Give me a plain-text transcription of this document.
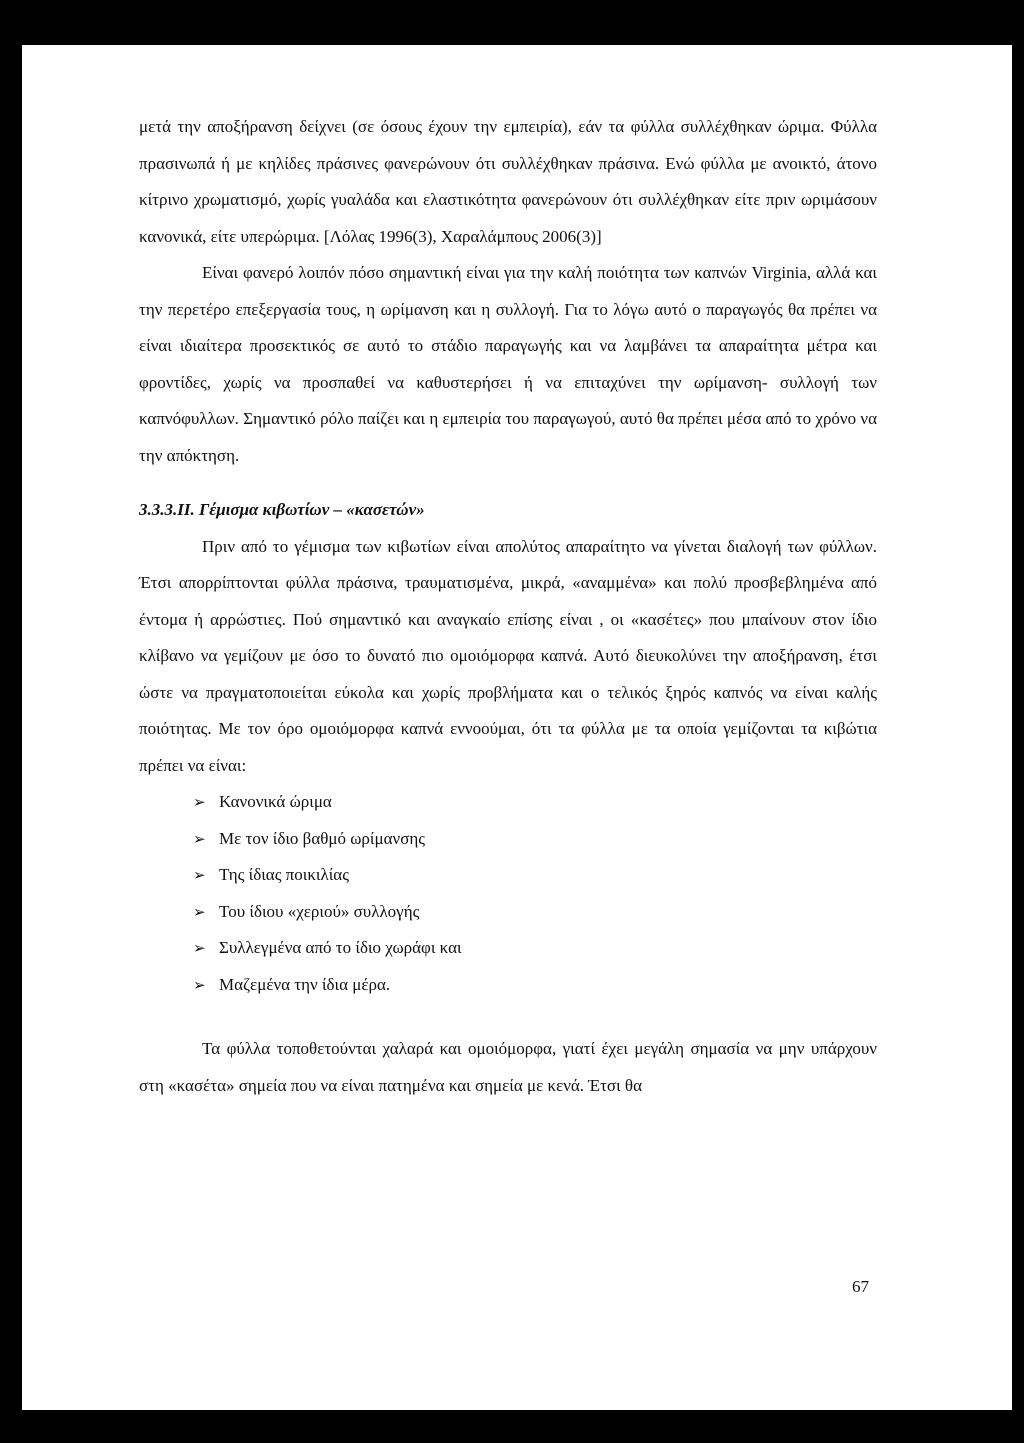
μετά την αποξήρανση δείχνει (σε όσους έχουν την εμπειρία), εάν τα φύλλα συλλέχθηκαν ώριμα. Φύλλα πρασινωπά ή με κηλίδες πράσινες φανερώνουν ότι συλλέχθηκαν πράσινα. Ενώ φύλλα με ανοικτό, άτονο κίτρινο χρωματισμό, χωρίς γυαλάδα και ελαστικότητα φανερώνουν ότι συλλέχθηκαν είτε πριν ωριμάσουν κανονικά, είτε υπερώριμα. [Λόλας 1996(3), Χαραλάμπους 2006(3)]

Είναι φανερό λοιπόν πόσο σημαντική είναι για την καλή ποιότητα των καπνών Virginia, αλλά και την περετέρο επεξεργασία τους, η ωρίμανση και η συλλογή. Για το λόγω αυτό ο παραγωγός θα πρέπει να είναι ιδιαίτερα προσεκτικός σε αυτό το στάδιο παραγωγής και να λαμβάνει τα απαραίτητα μέτρα και φροντίδες, χωρίς να προσπαθεί να καθυστερήσει ή να επιταχύνει την ωρίμανση- συλλογή των καπνόφυλλων. Σημαντικό ρόλο παίζει και η εμπειρία του παραγωγού, αυτό θα πρέπει μέσα από το χρόνο να την απόκτηση.

3.3.3.ΙΙ. Γέμισμα κιβωτίων – «κασετών»

Πριν από το γέμισμα των κιβωτίων είναι απολύτος απαραίτητο να γίνεται διαλογή των φύλλων. Έτσι απορρίπτονται φύλλα πράσινα, τραυματισμένα, μικρά, «αναμμένα» και πολύ προσβεβλημένα από έντομα ή αρρώστιες. Πού σημαντικό και αναγκαίο επίσης είναι , οι «κασέτες» που μπαίνουν στον ίδιο κλίβανο να γεμίζουν με όσο το δυνατό πιο ομοιόμορφα καπνά. Αυτό διευκολύνει την αποξήρανση, έτσι ώστε να πραγματοποιείται εύκολα και χωρίς προβλήματα και ο τελικός ξηρός καπνός να είναι καλής ποιότητας. Με τον όρο ομοιόμορφα καπνά εννοούμαι, ότι τα φύλλα με τα οποία γεμίζονται τα κιβώτια πρέπει να είναι:

➢ Κανονικά ώριμα
➢ Με τον ίδιο βαθμό ωρίμανσης
➢ Της ίδιας ποικιλίας
➢ Του ίδιου «χεριού» συλλογής
➢ Συλλεγμένα από το ίδιο χωράφι και
➢ Μαζεμένα την ίδια μέρα.

Τα φύλλα τοποθετούνται χαλαρά και ομοιόμορφα, γιατί έχει μεγάλη σημασία να μην υπάρχουν στη «κασέτα» σημεία που να είναι πατημένα και σημεία με κενά. Έτσι θα

67
